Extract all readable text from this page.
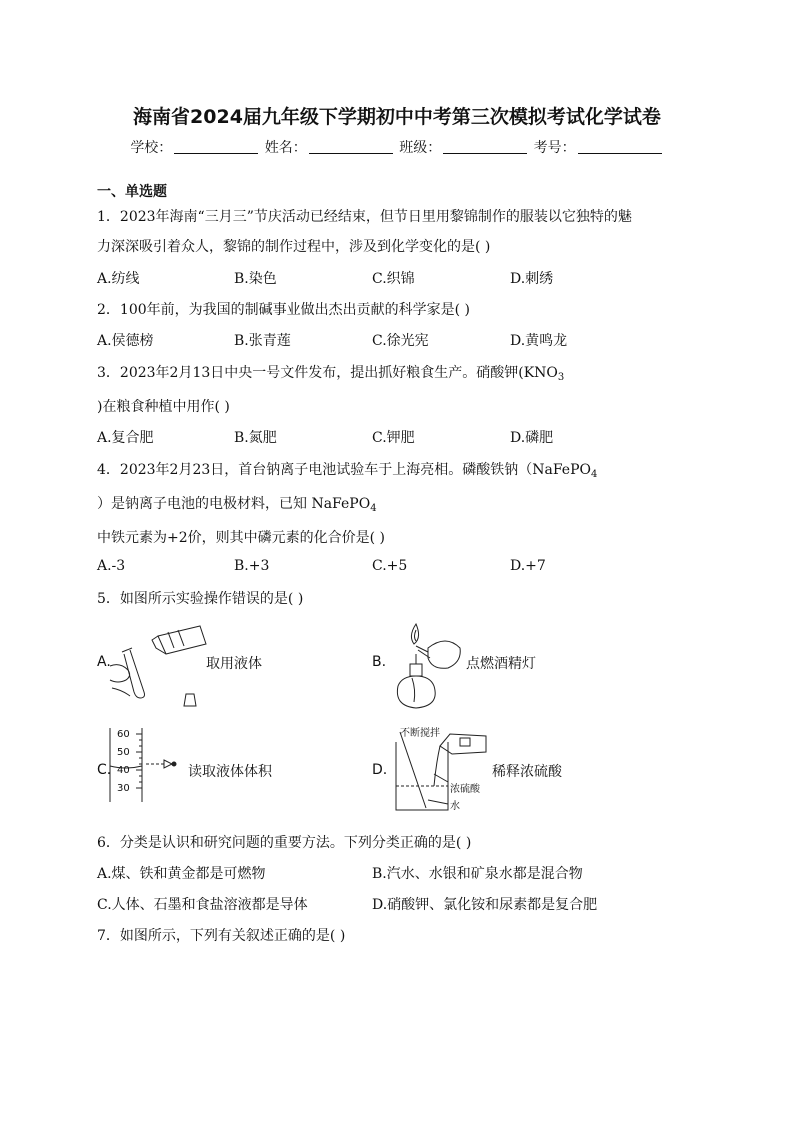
海南省2024届九年级下学期初中中考第三次模拟考试化学试卷
学校：	姓名：	班级：	考号：
一、单选题
1．2023年海南“三月三”节庆活动已经结束，但节日里用黎锦制作的服装以它独特的魅
力深深吸引着众人，黎锦的制作过程中，涉及到化学变化的是( )
A.纺线	B.染色	C.织锦	D.刺绣
2．100年前，为我国的制碱事业做出杰出贡献的科学家是( )
A.侯德榜	B.张青莲	C.徐光宪	D.黄鸣龙
3．2023年2月13日中央一号文件发布，提出抓好粮食生产。硝酸钾($KNO_3$
)在粮食种植中用作( )
A.复合肥	B.氮肥	C.钾肥	D.磷肥
4．2023年2月23日，首台钠离子电池试验车于上海亮相。磷酸铁钠（NaFePO$_4$
）是钠离子电池的电极材料，已知 NaFePO$_4$
中铁元素为+2价，则其中磷元素的化合价是( )
A.-3	B.+3	C.+5	D.+7
5．如图所示实验操作错误的是( )
A.	取用液体	B.	点燃酒精灯
C.
60
50
40
30
读取液体体积	D.
不断搅拌
浓硫酸
水
稀释浓硫酸
6．分类是认识和研究问题的重要方法。下列分类正确的是( )
A.煤、铁和黄金都是可燃物	B.汽水、水银和矿泉水都是混合物
C.人体、石墨和食盐溶液都是导体	D.硝酸钾、氯化铵和尿素都是复合肥
7．如图所示，下列有关叙述正确的是( )
